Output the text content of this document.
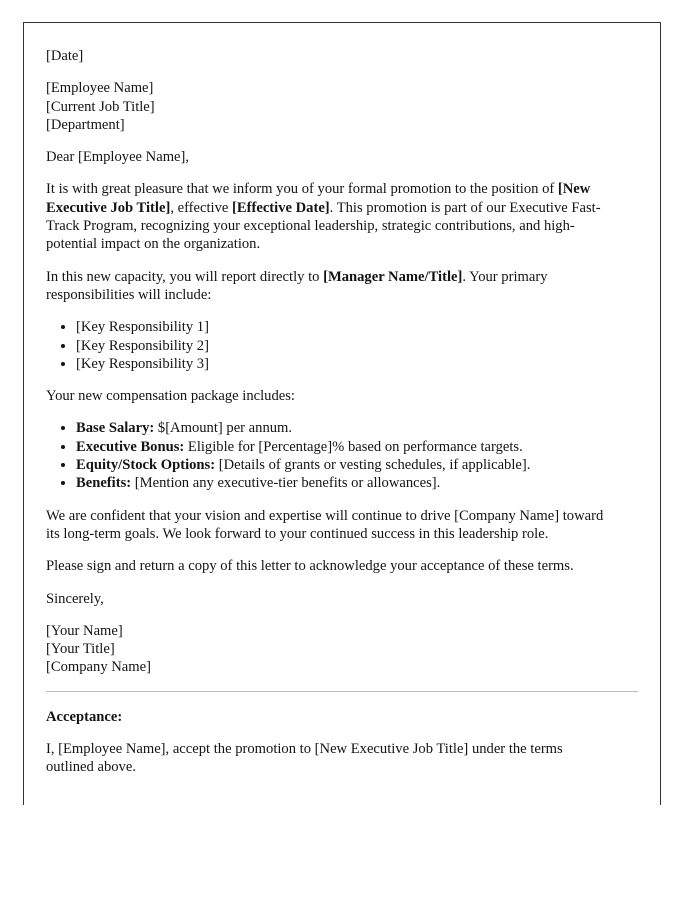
[Date]

[Employee Name]

[Current Job Title]

[Department]

Dear [Employee Name],

It is with great pleasure that we inform you of your formal promotion to the position of [New Executive Job Title], effective [Effective Date]. This promotion is part of our Executive Fast-Track Program, recognizing your exceptional leadership, strategic contributions, and high-potential impact on the organization.

In this new capacity, you will report directly to [Manager Name/Title]. Your primary responsibilities will include:

• [Key Responsibility 1]
• [Key Responsibility 2]
• [Key Responsibility 3]

Your new compensation package includes:

• Base Salary: $[Amount] per annum.
• Executive Bonus: Eligible for [Percentage]% based on performance targets.
• Equity/Stock Options: [Details of grants or vesting schedules, if applicable].
• Benefits: [Mention any executive-tier benefits or allowances].

We are confident that your vision and expertise will continue to drive [Company Name] toward its long-term goals. We look forward to your continued success in this leadership role.

Please sign and return a copy of this letter to acknowledge your acceptance of these terms.

Sincerely,

[Your Name]

[Your Title]

[Company Name]

Acceptance:

I, [Employee Name], accept the promotion to [New Executive Job Title] under the terms outlined above.
